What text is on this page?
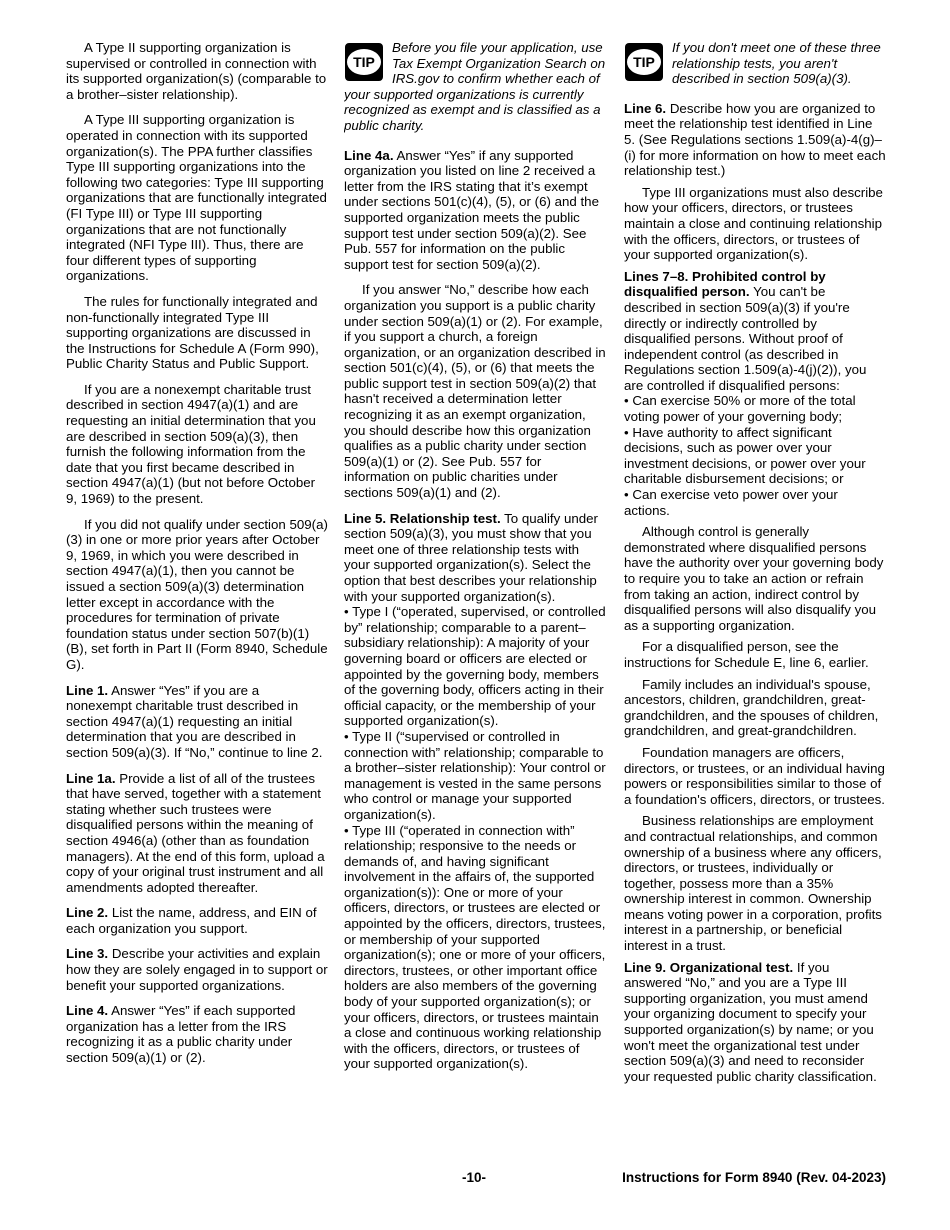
A Type II supporting organization is supervised or controlled in connection with its supported organization(s) (comparable to a brother–sister relationship).

A Type III supporting organization is operated in connection with its supported organization(s). The PPA further classifies Type III supporting organizations into the following two categories: Type III supporting organizations that are functionally integrated (FI Type III) or Type III supporting organizations that are not functionally integrated (NFI Type III). Thus, there are four different types of supporting organizations.

The rules for functionally integrated and non-functionally integrated Type III supporting organizations are discussed in the Instructions for Schedule A (Form 990), Public Charity Status and Public Support.

If you are a nonexempt charitable trust described in section 4947(a)(1) and are requesting an initial determination that you are described in section 509(a)(3), then furnish the following information from the date that you first became described in section 4947(a)(1) (but not before October 9, 1969) to the present.

If you did not qualify under section 509(a)(3) in one or more prior years after October 9, 1969, in which you were described in section 4947(a)(1), then you cannot be issued a section 509(a)(3) determination letter except in accordance with the procedures for termination of private foundation status under section 507(b)(1)(B), set forth in Part II (Form 8940, Schedule G).

Line 1. Answer “Yes” if you are a nonexempt charitable trust described in section 4947(a)(1) requesting an initial determination that you are described in section 509(a)(3). If “No,” continue to line 2.

Line 1a. Provide a list of all of the trustees that have served, together with a statement stating whether such trustees were disqualified persons within the meaning of section 4946(a) (other than as foundation managers). At the end of this form, upload a copy of your original trust instrument and all amendments adopted thereafter.

Line 2. List the name, address, and EIN of each organization you support.

Line 3. Describe your activities and explain how they are solely engaged in to support or benefit your supported organizations.

Line 4. Answer “Yes” if each supported organization has a letter from the IRS recognizing it as a public charity under section 509(a)(1) or (2).

TIP

Before you file your application, use Tax Exempt Organization Search on IRS.gov to confirm whether each of your supported organizations is currently recognized as exempt and is classified as a public charity.

Line 4a. Answer “Yes” if any supported organization you listed on line 2 received a letter from the IRS stating that it’s exempt under sections 501(c)(4), (5), or (6) and the supported organization meets the public support test under section 509(a)(2). See Pub. 557 for information on the public support test for section 509(a)(2).

If you answer “No,” describe how each organization you support is a public charity under section 509(a)(1) or (2). For example, if you support a church, a foreign organization, or an organization described in section 501(c)(4), (5), or (6) that meets the public support test in section 509(a)(2) that hasn't received a determination letter recognizing it as an exempt organization, you should describe how this organization qualifies as a public charity under section 509(a)(1) or (2). See Pub. 557 for information on public charities under sections 509(a)(1) and (2).

Line 5. Relationship test. To qualify under section 509(a)(3), you must show that you meet one of three relationship tests with your supported organization(s). Select the option that best describes your relationship with your supported organization(s).
• Type I (“operated, supervised, or controlled by” relationship; comparable to a parent–subsidiary relationship): A majority of your governing board or officers are elected or appointed by the governing body, members of the governing body, officers acting in their official capacity, or the membership of your supported organization(s).
• Type II (“supervised or controlled in connection with” relationship; comparable to a brother–sister relationship): Your control or management is vested in the same persons who control or manage your supported organization(s).
• Type III (“operated in connection with” relationship; responsive to the needs or demands of, and having significant involvement in the affairs of, the supported organization(s)): One or more of your officers, directors, or trustees are elected or appointed by the officers, directors, trustees, or membership of your supported organization(s); one or more of your officers, directors, trustees, or other important office holders are also members of the governing body of your supported organization(s); or your officers, directors, or trustees maintain a close and continuous working relationship with the officers, directors, or trustees of your supported organization(s).

TIP

If you don't meet one of these three relationship tests, you aren't described in section 509(a)(3).

Line 6. Describe how you are organized to meet the relationship test identified in Line 5. (See Regulations sections 1.509(a)-4(g)–(i) for more information on how to meet each relationship test.)

Type III organizations must also describe how your officers, directors, or trustees maintain a close and continuing relationship with the officers, directors, or trustees of your supported organization(s).

Lines 7–8. Prohibited control by disqualified person. You can't be described in section 509(a)(3) if you're directly or indirectly controlled by disqualified persons. Without proof of independent control (as described in Regulations section 1.509(a)-4(j)(2)), you are controlled if disqualified persons:
• Can exercise 50% or more of the total voting power of your governing body;
• Have authority to affect significant decisions, such as power over your investment decisions, or power over your charitable disbursement decisions; or
• Can exercise veto power over your actions.

Although control is generally demonstrated where disqualified persons have the authority over your governing body to require you to take an action or refrain from taking an action, indirect control by disqualified persons will also disqualify you as a supporting organization.

For a disqualified person, see the instructions for Schedule E, line 6, earlier.

Family includes an individual's spouse, ancestors, children, grandchildren, great-grandchildren, and the spouses of children, grandchildren, and great-grandchildren.

Foundation managers are officers, directors, or trustees, or an individual having powers or responsibilities similar to those of a foundation's officers, directors, or trustees.

Business relationships are employment and contractual relationships, and common ownership of a business where any officers, directors, or trustees, individually or together, possess more than a 35% ownership interest in common. Ownership means voting power in a corporation, profits interest in a partnership, or beneficial interest in a trust.

Line 9. Organizational test. If you answered “No,” and you are a Type III supporting organization, you must amend your organizing document to specify your supported organization(s) by name; or you won't meet the organizational test under section 509(a)(3) and need to reconsider your requested public charity classification.

-10-	Instructions for Form 8940 (Rev. 04-2023)
